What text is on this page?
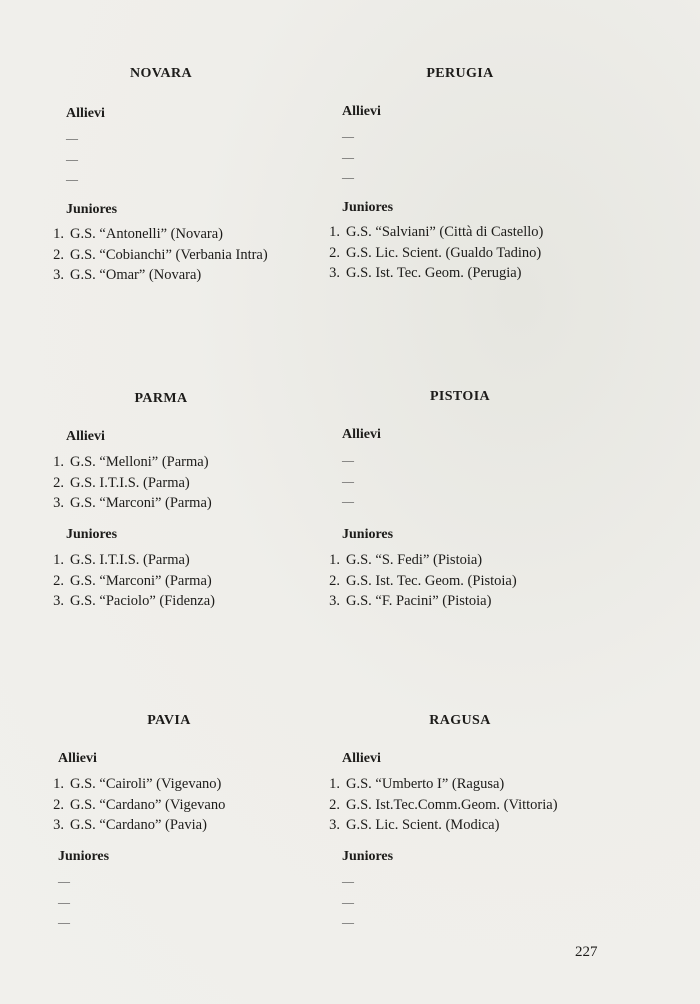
NOVARA
Allievi
—
—
—
Juniores
1. G.S. “Antonelli” (Novara)
2. G.S. “Cobianchi” (Verbania Intra)
3. G.S. “Omar” (Novara)
PERUGIA
Allievi
—
—
—
Juniores
1. G.S. “Salviani” (Città di Castello)
2. G.S. Lic. Scient. (Gualdo Tadino)
3. G.S. Ist. Tec. Geom. (Perugia)
PARMA
Allievi
1. G.S. “Melloni” (Parma)
2. G.S. I.T.I.S. (Parma)
3. G.S. “Marconi” (Parma)
Juniores
1. G.S. I.T.I.S. (Parma)
2. G.S. “Marconi” (Parma)
3. G.S. “Paciolo” (Fidenza)
PISTOIA
Allievi
—
—
—
Juniores
1. G.S. “S. Fedi” (Pistoia)
2. G.S. Ist. Tec. Geom. (Pistoia)
3. G.S. “F. Pacini” (Pistoia)
PAVIA
Allievi
1. G.S. “Cairoli” (Vigevano)
2. G.S. “Cardano” (Vigevano
3. G.S. “Cardano” (Pavia)
Juniores
—
—
—
RAGUSA
Allievi
1. G.S. “Umberto I” (Ragusa)
2. G.S. Ist.Tec.Comm.Geom. (Vittoria)
3. G.S. Lic. Scient. (Modica)
Juniores
—
—
—
227
